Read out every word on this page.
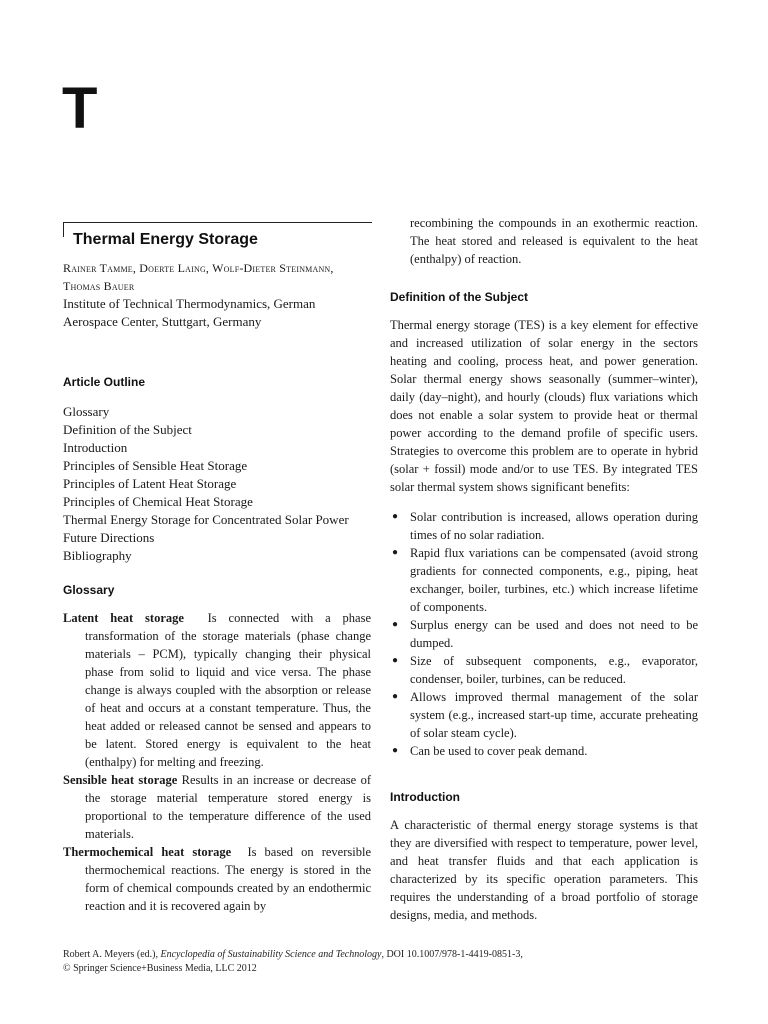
T
Thermal Energy Storage
Rainer Tamme, Doerte Laing, Wolf-Dieter Steinmann,
Thomas Bauer
Institute of Technical Thermodynamics, German
Aerospace Center, Stuttgart, Germany
Article Outline
Glossary
Definition of the Subject
Introduction
Principles of Sensible Heat Storage
Principles of Latent Heat Storage
Principles of Chemical Heat Storage
Thermal Energy Storage for Concentrated Solar Power
Future Directions
Bibliography
Glossary

Latent heat storage Is connected with a phase transformation of the storage materials (phase change materials – PCM), typically changing their physical phase from solid to liquid and vice versa. The phase change is always coupled with the absorption or release of heat and occurs at a constant temperature. Thus, the heat added or released cannot be sensed and appears to be latent. Stored energy is equivalent to the heat (enthalpy) for melting and freezing.

Sensible heat storage Results in an increase or decrease of the storage material temperature stored energy is proportional to the temperature difference of the used materials.

Thermochemical heat storage Is based on reversible thermochemical reactions. The energy is stored in the form of chemical compounds created by an endothermic reaction and it is recovered again by

recombining the compounds in an exothermic reaction. The heat stored and released is equivalent to the heat (enthalpy) of reaction.

Definition of the Subject

Thermal energy storage (TES) is a key element for effective and increased utilization of solar energy in the sectors heating and cooling, process heat, and power generation. Solar thermal energy shows seasonally (summer–winter), daily (day–night), and hourly (clouds) flux variations which does not enable a solar system to provide heat or thermal power according to the demand profile of specific users. Strategies to overcome this problem are to operate in hybrid (solar + fossil) mode and/or to use TES. By integrated TES solar thermal system shows significant benefits:

● Solar contribution is increased, allows operation during times of no solar radiation.
● Rapid flux variations can be compensated (avoid strong gradients for connected components, e.g., piping, heat exchanger, boiler, turbines, etc.) which increase lifetime of components.
● Surplus energy can be used and does not need to be dumped.
● Size of subsequent components, e.g., evaporator, condenser, boiler, turbines, can be reduced.
● Allows improved thermal management of the solar system (e.g., increased start-up time, accurate preheating of solar steam cycle).
● Can be used to cover peak demand.
Introduction

A characteristic of thermal energy storage systems is that they are diversified with respect to temperature, power level, and heat transfer fluids and that each application is characterized by its specific operation parameters. This requires the understanding of a broad portfolio of storage designs, media, and methods.

Robert A. Meyers (ed.), Encyclopedia of Sustainability Science and Technology, DOI 10.1007/978-1-4419-0851-3,
© Springer Science+Business Media, LLC 2012
